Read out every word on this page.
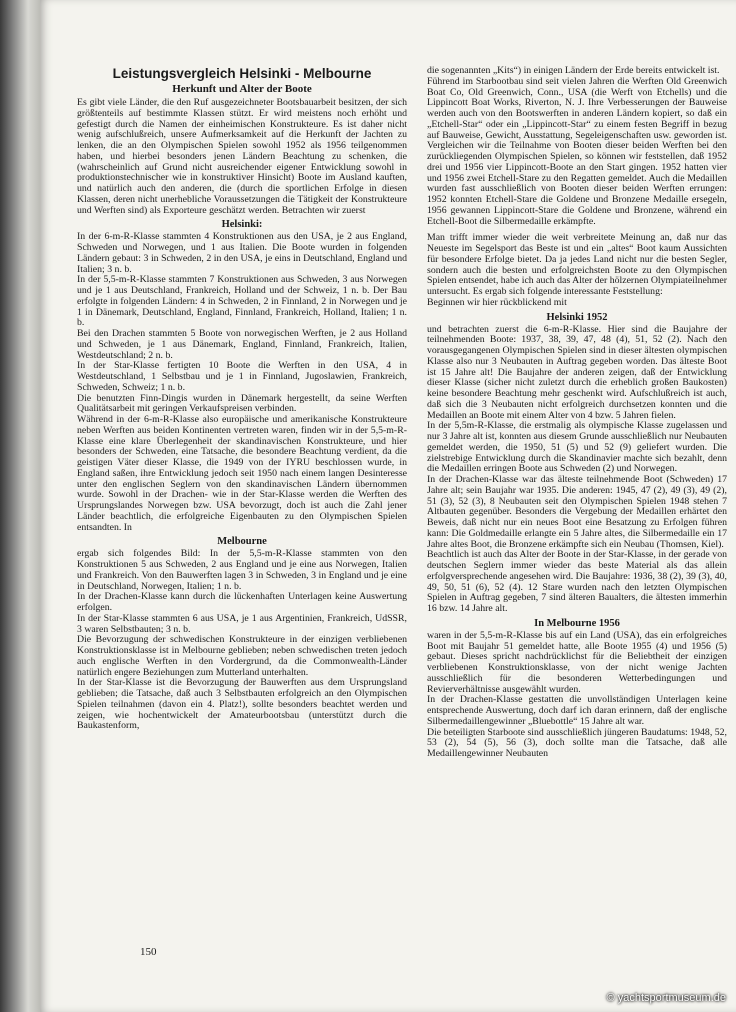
Leistungsvergleich Helsinki - Melbourne
Herkunft und Alter der Boote

Es gibt viele Länder, die den Ruf ausgezeichneter Bootsbauarbeit besitzen, der sich größtenteils auf bestimmte Klassen stützt. Er wird meistens noch erhöht und gefestigt durch die Namen der einheimischen Konstrukteure. Es ist daher nicht wenig aufschlußreich, unsere Aufmerksamkeit auf die Herkunft der Jachten zu lenken, die an den Olympischen Spielen sowohl 1952 als 1956 teilgenommen haben, und hierbei besonders jenen Ländern Beachtung zu schenken, die (wahrscheinlich auf Grund nicht ausreichender eigener Entwicklung sowohl in produktionstechnischer wie in konstruktiver Hinsicht) Boote im Ausland kauften, und natürlich auch den anderen, die (durch die sportlichen Erfolge in diesen Klassen, deren nicht unerhebliche Voraussetzungen die Tätigkeit der Konstrukteure und Werften sind) als Exporteure geschätzt werden. Betrachten wir zuerst

Helsinki:

In der 6-m-R-Klasse stammten 4 Konstruktionen aus den USA, je 2 aus England, Schweden und Norwegen, und 1 aus Italien. Die Boote wurden in folgenden Ländern gebaut: 3 in Schweden, 2 in den USA, je eins in Deutschland, England und Italien; 3 n. b.

In der 5,5-m-R-Klasse stammten 7 Konstruktionen aus Schweden, 3 aus Norwegen und je 1 aus Deutschland, Frankreich, Holland und der Schweiz, 1 n. b. Der Bau erfolgte in folgenden Ländern: 4 in Schweden, 2 in Finnland, 2 in Norwegen und je 1 in Dänemark, Deutschland, England, Finnland, Frankreich, Holland, Italien; 1 n. b.

Bei den Drachen stammten 5 Boote von norwegischen Werften, je 2 aus Holland und Schweden, je 1 aus Dänemark, England, Finnland, Frankreich, Italien, Westdeutschland; 2 n. b.

In der Star-Klasse fertigten 10 Boote die Werften in den USA, 4 in Westdeutschland, 1 Selbstbau und je 1 in Finnland, Jugoslawien, Frankreich, Schweden, Schweiz; 1 n. b.

Die benutzten Finn-Dingis wurden in Dänemark hergestellt, da seine Werften Qualitätsarbeit mit geringen Verkaufspreisen verbinden.

Während in der 6-m-R-Klasse also europäische und amerikanische Konstrukteure neben Werften aus beiden Kontinenten vertreten waren, finden wir in der 5,5-m-R-Klasse eine klare Überlegenheit der skandinavischen Konstrukteure, und hier besonders der Schweden, eine Tatsache, die besondere Beachtung verdient, da die geistigen Väter dieser Klasse, die 1949 von der IYRU beschlossen wurde, in England saßen, ihre Entwicklung jedoch seit 1950 nach einem langen Desinteresse unter den englischen Seglern von den skandinavischen Ländern übernommen wurde. Sowohl in der Drachen- wie in der Star-Klasse werden die Werften des Ursprungslandes Norwegen bzw. USA bevorzugt, doch ist auch die Zahl jener Länder beachtlich, die erfolgreiche Eigenbauten zu den Olympischen Spielen entsandten. In

Melbourne

ergab sich folgendes Bild: In der 5,5-m-R-Klasse stammten von den Konstruktionen 5 aus Schweden, 2 aus England und je eine aus Norwegen, Italien und Frankreich. Von den Bauwerften lagen 3 in Schweden, 3 in England und je eine in Deutschland, Norwegen, Italien; 1 n. b.

In der Drachen-Klasse kann durch die lückenhaften Unterlagen keine Auswertung erfolgen.

In der Star-Klasse stammten 6 aus USA, je 1 aus Argentinien, Frankreich, UdSSR, 3 waren Selbstbauten; 3 n. b.

Die Bevorzugung der schwedischen Konstrukteure in der einzigen verbliebenen Konstruktionsklasse ist in Melbourne geblieben; neben schwedischen treten jedoch auch englische Werften in den Vordergrund, da die Commonwealth-Länder natürlich engere Beziehungen zum Mutterland unterhalten.

In der Star-Klasse ist die Bevorzugung der Bauwerften aus dem Ursprungsland geblieben; die Tatsache, daß auch 3 Selbstbauten erfolgreich an den Olympischen Spielen teilnahmen (davon ein 4. Platz!), sollte besonders beachtet werden und zeigen, wie hochentwickelt der Amateurbootsbau (unterstützt durch die Baukastenform,

die sogenannten „Kits“) in einigen Ländern der Erde bereits entwickelt ist.

Führend im Starbootbau sind seit vielen Jahren die Werften Old Greenwich Boat Co, Old Greenwich, Conn., USA (die Werft von Etchells) und die Lippincott Boat Works, Riverton, N. J. Ihre Verbesserungen der Bauweise werden auch von den Bootswerften in anderen Ländern kopiert, so daß ein „Etchell-Star“ oder ein „Lippincott-Star“ zu einem festen Begriff in bezug auf Bauweise, Gewicht, Ausstattung, Segeleigenschaften usw. geworden ist. Vergleichen wir die Teilnahme von Booten dieser beiden Werften bei den zurückliegenden Olympischen Spielen, so können wir feststellen, daß 1952 drei und 1956 vier Lippincott-Boote an den Start gingen. 1952 hatten vier und 1956 zwei Etchell-Stare zu den Regatten gemeldet. Auch die Medaillen wurden fast ausschließlich von Booten dieser beiden Werften errungen: 1952 konnten Etchell-Stare die Goldene und Bronzene Medaille ersegeln, 1956 gewannen Lippincott-Stare die Goldene und Bronzene, während ein Etchell-Boot die Silbermedaille erkämpfte.

Man trifft immer wieder die weit verbreitete Meinung an, daß nur das Neueste im Segelsport das Beste ist und ein „altes“ Boot kaum Aussichten für besondere Erfolge bietet. Da ja jedes Land nicht nur die besten Segler, sondern auch die besten und erfolgreichsten Boote zu den Olympischen Spielen entsendet, habe ich auch das Alter der hölzernen Olympiateilnehmer untersucht. Es ergab sich folgende interessante Feststellung:

Beginnen wir hier rückblickend mit

Helsinki 1952

und betrachten zuerst die 6-m-R-Klasse. Hier sind die Baujahre der teilnehmenden Boote: 1937, 38, 39, 47, 48 (4), 51, 52 (2). Nach den vorausgegangenen Olympischen Spielen sind in dieser ältesten olympischen Klasse also nur 3 Neubauten in Auftrag gegeben worden. Das älteste Boot ist 15 Jahre alt! Die Baujahre der anderen zeigen, daß der Entwicklung dieser Klasse (sicher nicht zuletzt durch die erheblich großen Baukosten) keine besondere Beachtung mehr geschenkt wird. Aufschlußreich ist auch, daß sich die 3 Neubauten nicht erfolgreich durchsetzen konnten und die Medaillen an Boote mit einem Alter von 4 bzw. 5 Jahren fielen.

In der 5,5m-R-Klasse, die erstmalig als olympische Klasse zugelassen und nur 3 Jahre alt ist, konnten aus diesem Grunde ausschließlich nur Neubauten gemeldet werden, die 1950, 51 (5) und 52 (9) geliefert wurden. Die zielstrebige Entwicklung durch die Skandinavier machte sich bezahlt, denn die Medaillen erringen Boote aus Schweden (2) und Norwegen.

In der Drachen-Klasse war das älteste teilnehmende Boot (Schweden) 17 Jahre alt; sein Baujahr war 1935. Die anderen: 1945, 47 (2), 49 (3), 49 (2), 51 (3), 52 (3), 8 Neubauten seit den Olympischen Spielen 1948 stehen 7 Altbauten gegenüber. Besonders die Vergebung der Medaillen erhärtet den Beweis, daß nicht nur ein neues Boot eine Besatzung zu Erfolgen führen kann: Die Goldmedaille erlangte ein 5 Jahre altes, die Silbermedaille ein 17 Jahre altes Boot, die Bronzene erkämpfte sich ein Neubau (Thomsen, Kiel).

Beachtlich ist auch das Alter der Boote in der Star-Klasse, in der gerade von deutschen Seglern immer wieder das beste Material als das allein erfolgversprechende angesehen wird. Die Baujahre: 1936, 38 (2), 39 (3), 40, 49, 50, 51 (6), 52 (4). 12 Stare wurden nach den letzten Olympischen Spielen in Auftrag gegeben, 7 sind älteren Baualters, die ältesten immerhin 16 bzw. 14 Jahre alt.

In Melbourne 1956

waren in der 5,5-m-R-Klasse bis auf ein Land (USA), das ein erfolgreiches Boot mit Baujahr 51 gemeldet hatte, alle Boote 1955 (4) und 1956 (5) gebaut. Dieses spricht nachdrücklichst für die Beliebtheit der einzigen verbliebenen Konstruktionsklasse, von der nicht wenige Jachten ausschließlich für die besonderen Wetterbedingungen und Revierverhältnisse ausgewählt wurden.

In der Drachen-Klasse gestatten die unvollständigen Unterlagen keine entsprechende Auswertung, doch darf ich daran erinnern, daß der englische Silbermedaillengewinner „Bluebottle“ 15 Jahre alt war.

Die beteiligten Starboote sind ausschließlich jüngeren Baudatums: 1948, 52, 53 (2), 54 (5), 56 (3), doch sollte man die Tatsache, daß alle Medaillengewinner Neubauten

150
© yachtsportmuseum.de
